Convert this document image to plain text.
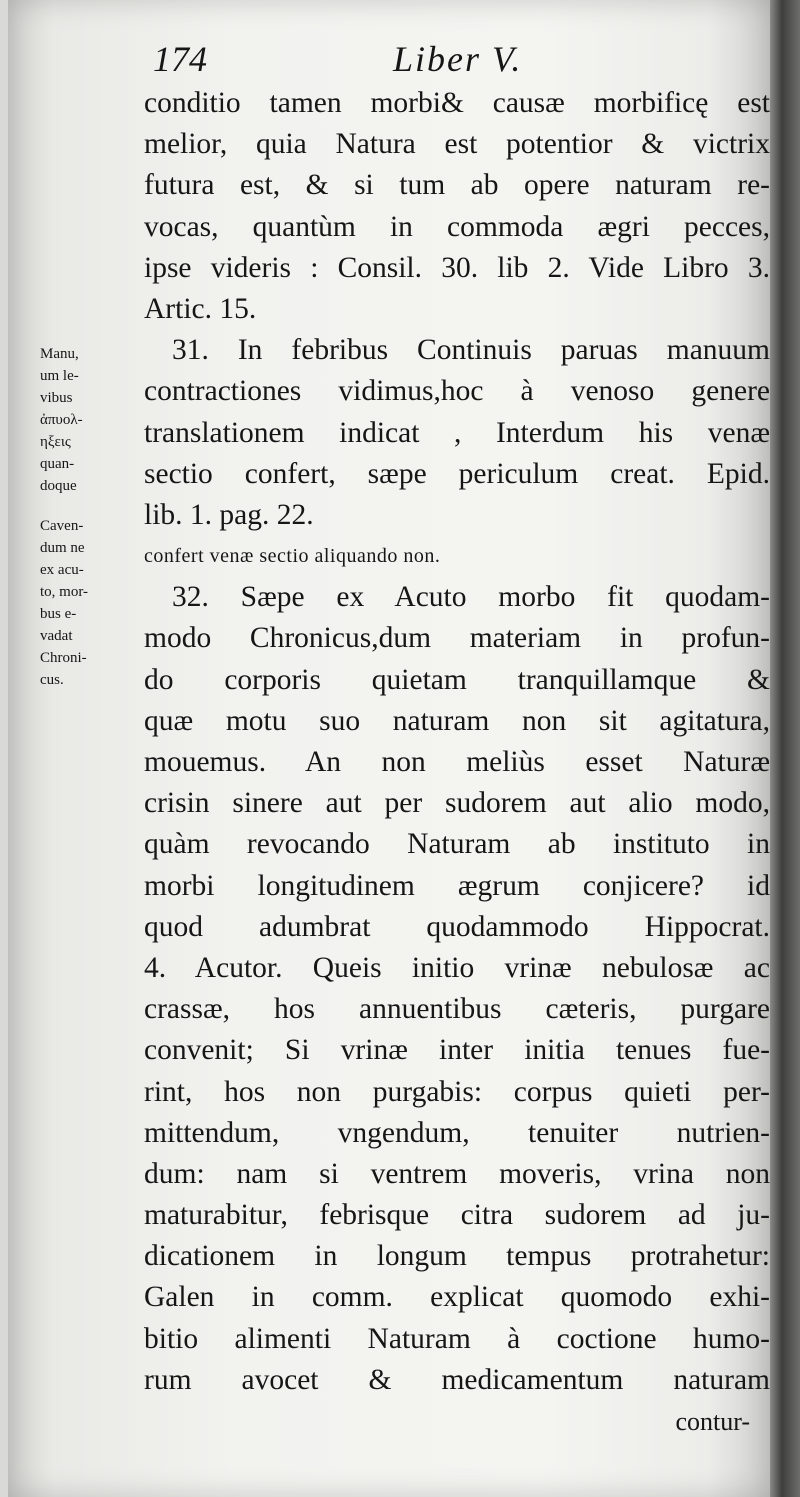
174	Liber V.
Manu,
um le-
vibus
ἀπυολ-
ηξεις
quan-
doque
Caven-
dum ne
ex acu-
to, mor-
bus e-
vadat
Chroni-
cus.
conditio tamen morbi& causæ morbificę est
melior, quia Natura est potentior & victrix
futura est, & si tum ab opere naturam re-
vocas, quantùm in commoda ægri pecces,
ipse videris : Consil. 30. lib 2. Vide Libro 3.
Artic. 15.
31. In febribus Continuis paruas manuum
contractiones vidimus,hoc à venoso genere
translationem indicat , Interdum his venæ
sectio confert, sæpe periculum creat. Epid.
lib. 1. pag. 22.
confert venæ sectio aliquando non.
32. Sæpe ex Acuto morbo fit quodam-
modo Chronicus,dum materiam in profun-
do corporis quietam tranquillamque &
quæ motu suo naturam non sit agitatura,
mouemus. An non meliùs esset Naturæ
crisin sinere aut per sudorem aut alio modo,
quàm revocando Naturam ab instituto in
morbi longitudinem ægrum conjicere? id
quod adumbrat quodammodo Hippocrat.
4. Acutor. Queis initio vrinæ nebulosæ ac
crassæ, hos annuentibus cæteris, purgare
convenit; Si vrinæ inter initia tenues fue-
rint, hos non purgabis: corpus quieti per-
mittendum, vngendum, tenuiter nutrien-
dum: nam si ventrem moveris, vrina non
maturabitur, febrisque citra sudorem ad ju-
dicationem in longum tempus protrahetur:
Galen in comm. explicat quomodo exhi-
bitio alimenti Naturam à coctione humo-
rum avocet & medicamentum naturam
contur-
